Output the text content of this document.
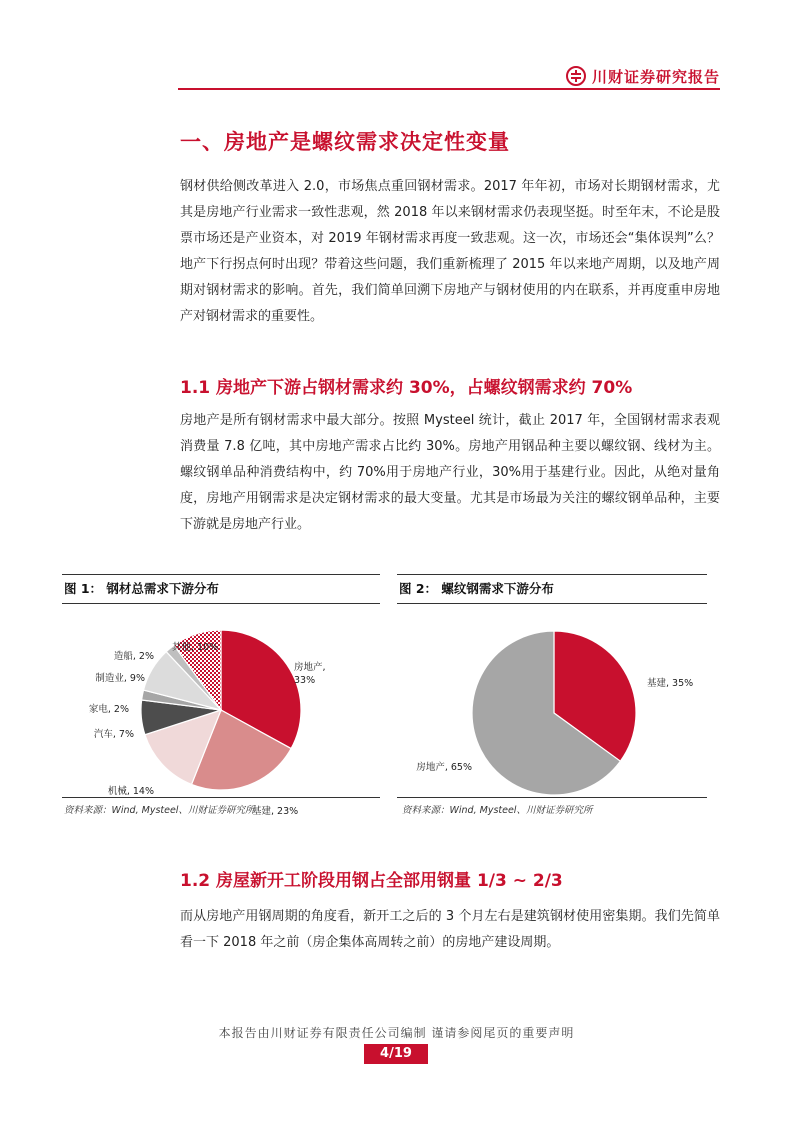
川财证券研究报告
一、房地产是螺纹需求决定性变量

钢材供给侧改革进入 2.0，市场焦点重回钢材需求。2017 年年初，市场对长期钢材需求，尤其是房地产行业需求一致性悲观，然 2018 年以来钢材需求仍表现坚挺。时至年末，不论是股票市场还是产业资本，对 2019 年钢材需求再度一致悲观。这一次，市场还会“集体误判”么？地产下行拐点何时出现？带着这些问题，我们重新梳理了 2015 年以来地产周期，以及地产周期对钢材需求的影响。首先，我们简单回溯下房地产与钢材使用的内在联系，并再度重申房地产对钢材需求的重要性。

1.1 房地产下游占钢材需求约 30%，占螺纹钢需求约 70%

房地产是所有钢材需求中最大部分。按照 Mysteel 统计，截止 2017 年，全国钢材需求表观消费量 7.8 亿吨，其中房地产需求占比约 30%。房地产用钢品种主要以螺纹钢、线材为主。螺纹钢单品种消费结构中，约 70%用于房地产行业，30%用于基建行业。因此，从绝对量角度，房地产用钢需求是决定钢材需求的最大变量。尤其是市场最为关注的螺纹钢单品种，主要下游就是房地产行业。

图 1： 钢材总需求下游分布
房地产, 33%
基建, 23%
机械, 14%
汽车, 7%
家电, 2%
制造业, 9%
造船, 2%
其他, 10%
资料来源：Wind, Mysteel、川财证券研究所
图 2： 螺纹钢需求下游分布
基建, 35%
房地产, 65%
资料来源：Wind, Mysteel、川财证券研究所
1.2 房屋新开工阶段用钢占全部用钢量 1/3 ~ 2/3

而从房地产用钢周期的角度看，新开工之后的 3 个月左右是建筑钢材使用密集期。我们先简单看一下 2018 年之前（房企集体高周转之前）的房地产建设周期。

本报告由川财证券有限责任公司编制 谨请参阅尾页的重要声明
4/19
